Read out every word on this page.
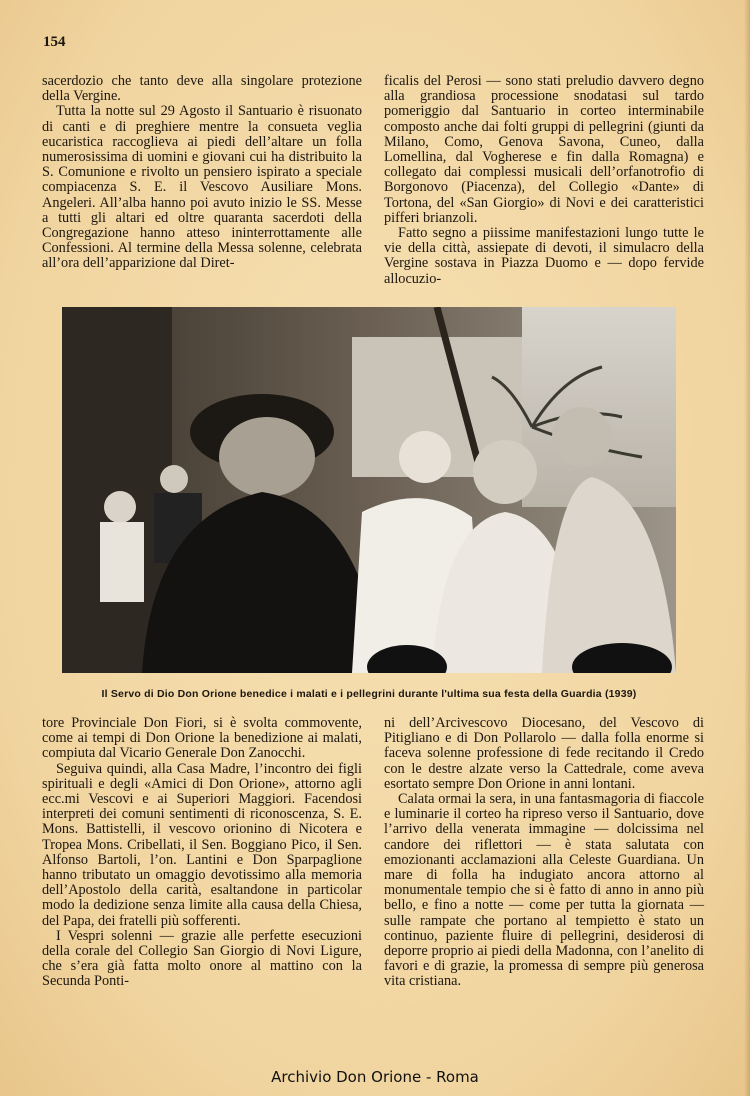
154

sacerdozio che tanto deve alla singolare protezione della Vergine.

Tutta la notte sul 29 Agosto il Santuario è risuonato di canti e di preghiere mentre la consueta veglia eucaristica raccoglieva ai piedi dell’altare un folla numerosissima di uomini e giovani cui ha distribuito la S. Comunione e rivolto un pensiero ispirato a speciale compiacenza S. E. il Vescovo Ausiliare Mons. Angeleri. All’alba hanno poi avuto inizio le SS. Messe a tutti gli altari ed oltre quaranta sacerdoti della Congregazione hanno atteso ininterrottamente alle Confessioni. Al termine della Messa solenne, celebrata all’ora dell’apparizione dal Diret-

ficalis del Perosi — sono stati preludio davvero degno alla grandiosa processione snodatasi sul tardo pomeriggio dal Santuario in corteo interminabile composto anche dai folti gruppi di pellegrini (giunti da Milano, Como, Genova Savona, Cuneo, dalla Lomellina, dal Vogherese e fin dalla Romagna) e collegato dai complessi musicali dell’orfanotrofio di Borgonovo (Piacenza), del Collegio «Dante» di Tortona, del «San Giorgio» di Novi e dei caratteristici pifferi brianzoli.

Fatto segno a piissime manifestazioni lungo tutte le vie della città, assiepate di devoti, il simulacro della Vergine sostava in Piazza Duomo e — dopo fervide allocuzio-

Il Servo di Dio Don Orione benedice i malati e i pellegrini durante l'ultima sua festa della Guardia (1939)

tore Provinciale Don Fiori, si è svolta commovente, come ai tempi di Don Orione la benedizione ai malati, compiuta dal Vicario Generale Don Zanocchi.

Seguiva quindi, alla Casa Madre, l’incontro dei figli spirituali e degli «Amici di Don Orione», attorno agli ecc.mi Vescovi e ai Superiori Maggiori. Facendosi interpreti dei comuni sentimenti di riconoscenza, S. E. Mons. Battistelli, il vescovo orionino di Nicotera e Tropea Mons. Cribellati, il Sen. Boggiano Pico, il Sen. Alfonso Bartoli, l’on. Lantini e Don Sparpaglione hanno tributato un omaggio devotissimo alla memoria dell’Apostolo della carità, esaltandone in particolar modo la dedizione senza limite alla causa della Chiesa, del Papa, dei fratelli più sofferenti.

I Vespri solenni — grazie alle perfette esecuzioni della corale del Collegio San Giorgio di Novi Ligure, che s’era già fatta molto onore al mattino con la Secunda Ponti-

ni dell’Arcivescovo Diocesano, del Vescovo di Pitigliano e di Don Pollarolo — dalla folla enorme si faceva solenne professione di fede recitando il Credo con le destre alzate verso la Cattedrale, come aveva esortato sempre Don Orione in anni lontani.

Calata ormai la sera, in una fantasmagoria di fiaccole e luminarie il corteo ha ripreso verso il Santuario, dove l’arrivo della venerata immagine — dolcissima nel candore dei riflettori — è stata salutata con emozionanti acclamazioni alla Celeste Guardiana. Un mare di folla ha indugiato ancora attorno al monumentale tempio che si è fatto di anno in anno più bello, e fino a notte — come per tutta la giornata — sulle rampate che portano al tempietto è stato un continuo, paziente fluire di pellegrini, desiderosi di deporre proprio ai piedi della Madonna, con l’anelito di favori e di grazie, la promessa di sempre più generosa vita cristiana.

Archivio Don Orione - Roma
